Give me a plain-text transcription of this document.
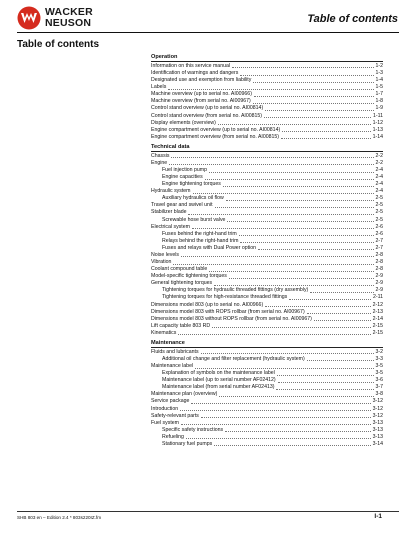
WACKER
NEUSON	Table of contents
Table of contents
Operation
Information on this service manual	1-2
Identification of warnings and dangers	1-3
Designated use and exemption from liability	1-4
Labels	1-5
Machine overview (up to serial no. AI00966)	1-7
Machine overview (from serial no. AI00967)	1-8
Control stand overview (up to serial no. AI00814)	1-9
Control stand overview (from serial no. AI00815)	1-11
Display elements (overview)	1-12
Engine compartment overview (up to serial no. AI00814)	1-13
Engine compartment overview (from serial no. AI00815)	1-14
Technical data
Chassis	2-2
Engine	2-2
Fuel injection pump	2-4
Engine capacities	2-4
Engine tightening torques	2-4
Hydraulic system	2-4
Auxiliary hydraulics oil flow	2-5
Travel gear and swivel unit	2-5
Stabilizer blade	2-5
Screwable hose burst valve	2-5
Electrical system	2-6
Fuses behind the right-hand trim	2-6
Relays behind the right-hand trim	2-7
Fuses and relays with Dual Power option	2-7
Noise levels	2-8
Vibration	2-8
Coolant compound table	2-8
Model-specific tightening torques	2-9
General tightening torques	2-9
Tightening torques for hydraulic threaded fittings (dry assembly)	2-9
Tightening torques for high-resistance threaded fittings	2-11
Dimensions model 803 (up to serial no. AI00966)	2-12
Dimensions model 803 with ROPS rollbar (from serial no. AI00967)	2-13
Dimensions model 803 without ROPS rollbar (from serial no. AI00967)	2-14
Lift capacity table 803 RD	2-15
Kinematics	2-15
Maintenance
Fluids and lubricants	3-2
Additional oil change and filter replacement (hydraulic system)	3-3
Maintenance label	3-5
Explanation of symbols on the maintenance label	3-5
Maintenance label (up to serial number AF02412)	3-6
Maintenance label (from serial number AF02413)	3-7
Maintenance plan (overview)	3-8
Service package	3-12
Introduction	3-12
Safety-relevant parts	3-12
Fuel system	3-13
Specific safety instructions	3-13
Refueling	3-13
Stationary fuel pumps	3-14
SHB 803 en – Edition 2.4 * 803s220IZ.fm	I-1
